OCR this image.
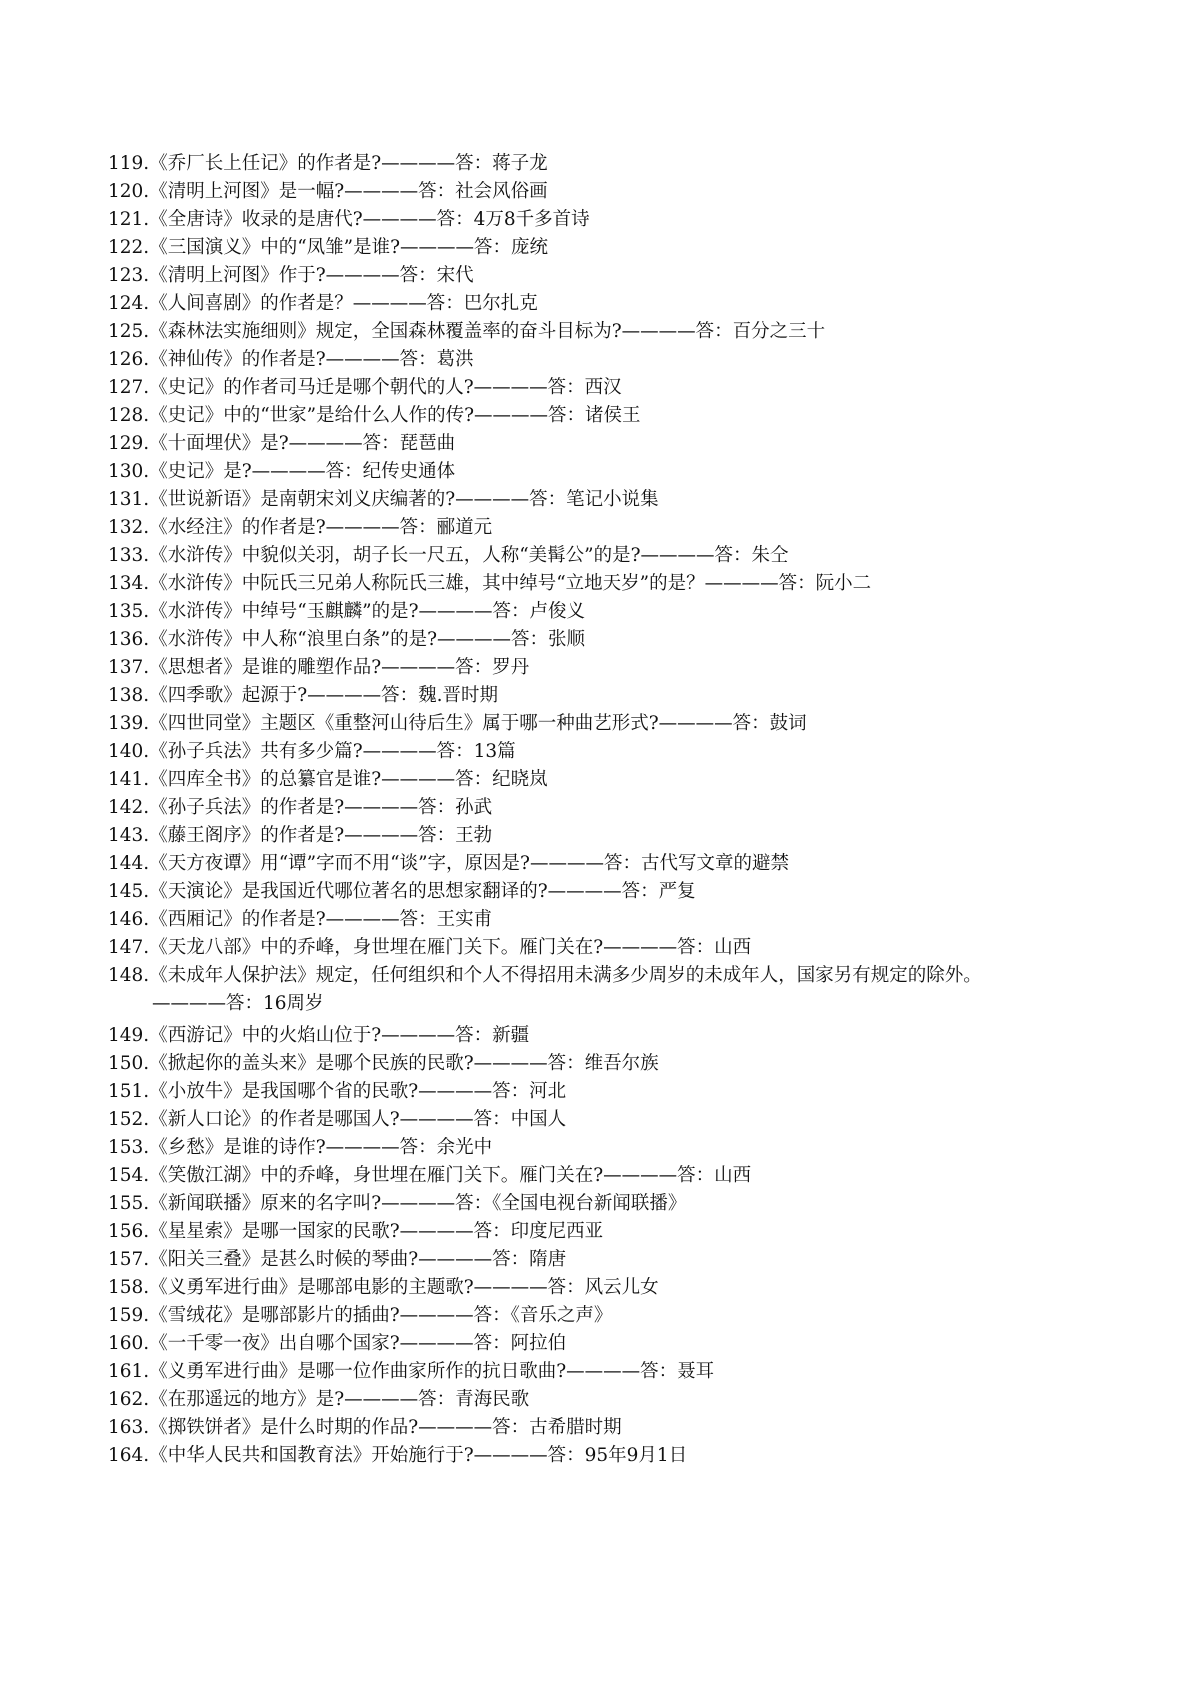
119.《乔厂长上任记》的作者是?————答：蒋子龙
120.《清明上河图》是一幅?————答：社会风俗画
121.《全唐诗》收录的是唐代?————答：4万8千多首诗
122.《三国演义》中的“凤雏”是谁?————答：庞统
123.《清明上河图》作于?————答：宋代
124.《人间喜剧》的作者是？————答：巴尔扎克
125.《森林法实施细则》规定，全国森林覆盖率的奋斗目标为?————答：百分之三十
126.《神仙传》的作者是?————答：葛洪
127.《史记》的作者司马迁是哪个朝代的人?————答：西汉
128.《史记》中的“世家”是给什么人作的传?————答：诸侯王
129.《十面埋伏》是?————答：琵琶曲
130.《史记》是?————答：纪传史通体
131.《世说新语》是南朝宋刘义庆编著的?————答：笔记小说集
132.《水经注》的作者是?————答：郦道元
133.《水浒传》中貌似关羽，胡子长一尺五，人称“美髯公”的是?————答：朱仝
134.《水浒传》中阮氏三兄弟人称阮氏三雄，其中绰号“立地天岁”的是？————答：阮小二
135.《水浒传》中绰号“玉麒麟”的是?————答：卢俊义
136.《水浒传》中人称“浪里白条”的是?————答：张顺
137.《思想者》是谁的雕塑作品?————答：罗丹
138.《四季歌》起源于?————答：魏.晋时期
139.《四世同堂》主题区《重整河山待后生》属于哪一种曲艺形式?————答：鼓词
140.《孙子兵法》共有多少篇?————答：13篇
141.《四库全书》的总纂官是谁?————答：纪晓岚
142.《孙子兵法》的作者是?————答：孙武
143.《藤王阁序》的作者是?————答：王勃
144.《天方夜谭》用“谭”字而不用“谈”字，原因是?————答：古代写文章的避禁
145.《天演论》是我国近代哪位著名的思想家翻译的?————答：严复
146.《西厢记》的作者是?————答：王实甫
147.《天龙八部》中的乔峰，身世埋在雁门关下。雁门关在?————答：山西
148.《未成年人保护法》规定，任何组织和个人不得招用未满多少周岁的未成年人，国家另有规定的除外。
————答：16周岁
149.《西游记》中的火焰山位于?————答：新疆
150.《掀起你的盖头来》是哪个民族的民歌?————答：维吾尔族
151.《小放牛》是我国哪个省的民歌?————答：河北
152.《新人口论》的作者是哪国人?————答：中国人
153.《乡愁》是谁的诗作?————答：余光中
154.《笑傲江湖》中的乔峰，身世埋在雁门关下。雁门关在?————答：山西
155.《新闻联播》原来的名字叫?————答：《全国电视台新闻联播》
156.《星星索》是哪一国家的民歌?————答：印度尼西亚
157.《阳关三叠》是甚么时候的琴曲?————答：隋唐
158.《义勇军进行曲》是哪部电影的主题歌?————答：风云儿女
159.《雪绒花》是哪部影片的插曲?————答：《音乐之声》
160.《一千零一夜》出自哪个国家?————答：阿拉伯
161.《义勇军进行曲》是哪一位作曲家所作的抗日歌曲?————答：聂耳
162.《在那遥远的地方》是?————答：青海民歌
163.《掷铁饼者》是什么时期的作品?————答：古希腊时期
164.《中华人民共和国教育法》开始施行于?————答：95年9月1日
